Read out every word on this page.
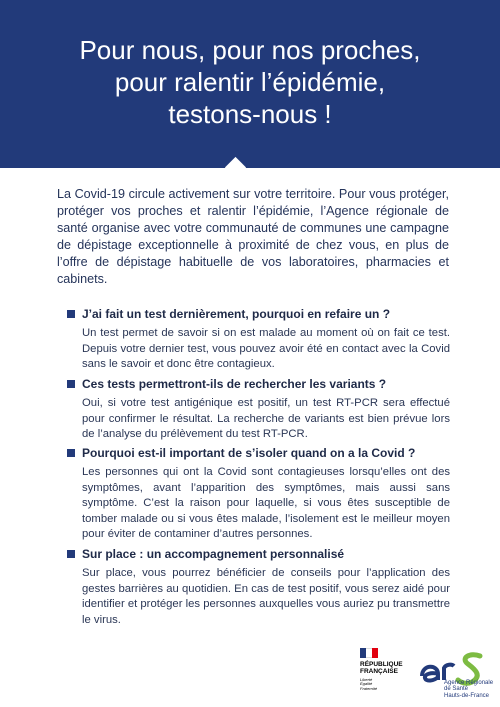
Pour nous, pour nos proches,
pour ralentir l’épidémie,
testons-nous !
La Covid-19 circule activement sur votre territoire. Pour vous protéger, protéger vos proches et ralentir l’épidémie, l’Agence régionale de santé organise avec votre communauté de communes une campagne de dépistage exceptionnelle à proximité de chez vous, en plus de l’offre de dépistage habituelle de vos laboratoires, pharmacies et cabinets.
J’ai fait un test dernièrement, pourquoi en refaire un ?
Un test permet de savoir si on est malade au moment où on fait ce test. Depuis votre dernier test, vous pouvez avoir été en contact avec la Covid sans le savoir et donc être contagieux.
Ces tests permettront-ils de rechercher les variants ?
Oui, si votre test antigénique est positif, un test RT-PCR sera effectué pour confirmer le résultat. La recherche de variants est bien prévue lors de l’analyse du prélèvement du test RT-PCR.
Pourquoi est-il important de s’isoler quand on a la Covid ?
Les personnes qui ont la Covid sont contagieuses lorsqu’elles ont des symptômes, avant l’apparition des symptômes, mais aussi sans symptôme. C’est la raison pour laquelle, si vous êtes susceptible de tomber malade ou si vous êtes malade, l’isolement est le meilleur moyen pour éviter de contaminer d’autres personnes.
Sur place : un accompagnement personnalisé
Sur place, vous pourrez bénéficier de conseils pour l’application des gestes barrières au quotidien. En cas de test positif, vous serez aidé pour identifier et protéger les personnes auxquelles vous auriez pu transmettre le virus.
RÉPUBLIQUE
FRANÇAISE
Liberté
Égalité
Fraternité
Agence Régionale de Santé
Hauts-de-France
